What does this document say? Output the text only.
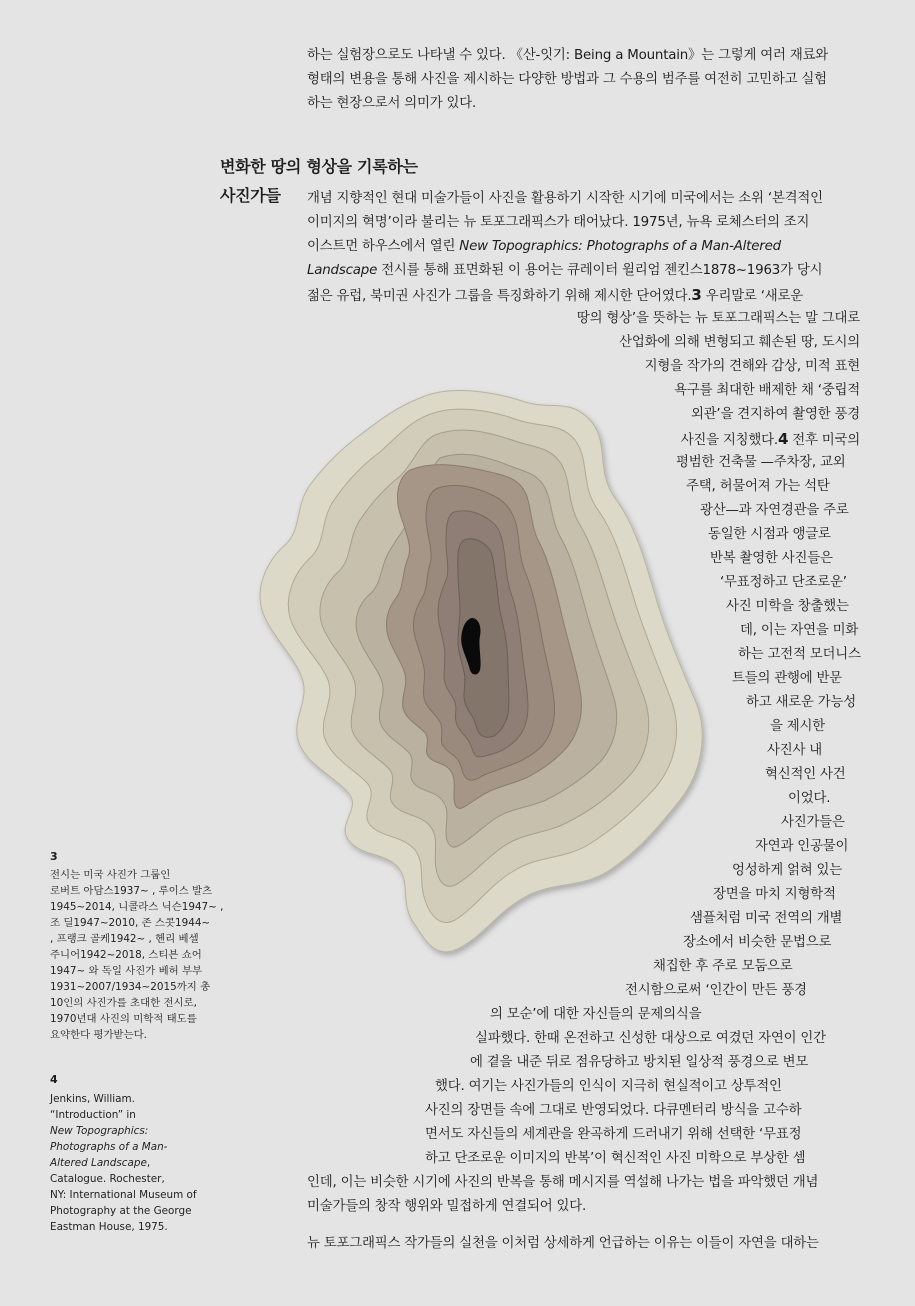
하는 실험장으로도 나타낼 수 있다. 《산-잇기: Being a Mountain》는 그렇게 여러 재료와
형태의 변용을 통해 사진을 제시하는 다양한 방법과 그 수용의 범주를 여전히 고민하고 실험
하는 현장으로서 의미가 있다.
변화한 땅의 형상을 기록하는
사진가들 개념 지향적인 현대 미술가들이 사진을 활용하기 시작한 시기에 미국에서는 소위 ‘본격적인
이미지의 혁명’이라 불리는 뉴 토포그래픽스가 태어났다. 1975년, 뉴욕 로체스터의 조지
이스트먼 하우스에서 열린 New Topographics: Photographs of a Man-Altered
Landscape 전시를 통해 표면화된 이 용어는 큐레이터 윌리엄 젠킨스1878~1963가 당시
젊은 유럽, 북미권 사진가 그룹을 특징화하기 위해 제시한 단어였다.3 우리말로 ‘새로운
땅의 형상’을 뜻하는 뉴 토포그래픽스는 말 그대로
산업화에 의해 변형되고 훼손된 땅, 도시의
지형을 작가의 견해와 감상, 미적 표현
욕구를 최대한 배제한 채 ‘중립적
외관’을 견지하여 촬영한 풍경
사진을 지칭했다.4 전후 미국의
평범한 건축물 —주차장, 교외
주택, 허물어져 가는 석탄
광산—과 자연경관을 주로
동일한 시점과 앵글로
반복 촬영한 사진들은
‘무표정하고 단조로운’
사진 미학을 창출했는
데, 이는 자연을 미화
하는 고전적 모더니스
트들의 관행에 반문
하고 새로운 가능성
을 제시한
사진사 내
혁신적인 사건
이었다.
사진가들은
자연과 인공물이
엉성하게 얽혀 있는
장면을 마치 지형학적
샘플처럼 미국 전역의 개별
장소에서 비슷한 문법으로
채집한 후 주로 모둠으로
전시함으로써 ‘인간이 만든 풍경
의 모순’에 대한 자신들의 문제의식을
실파했다. 한때 온전하고 신성한 대상으로 여겼던 자연이 인간
에 곁을 내준 뒤로 점유당하고 방치된 일상적 풍경으로 변모
했다. 여기는 사진가들의 인식이 지극히 현실적이고 상투적인
사진의 장면들 속에 그대로 반영되었다. 다큐멘터리 방식을 고수하
면서도 자신들의 세계관을 완곡하게 드러내기 위해 선택한 ‘무표정
하고 단조로운 이미지의 반복’이 혁신적인 사진 미학으로 부상한 셈
인데, 이는 비슷한 시기에 사진의 반복을 통해 메시지를 역설해 나가는 법을 파악했던 개념
미술가들의 창작 행위와 밀접하게 연결되어 있다.
뉴 토포그래픽스 작가들의 실천을 이처럼 상세하게 언급하는 이유는 이들이 자연을 대하는
3
전시는 미국 사진가 그룹인
로버트 아담스1937~ , 루이스 발츠
1945~2014, 니콜라스 닉슨1947~ ,
조 딜1947~2010, 존 스콧1944~
, 프랭크 골케1942~ , 헨리 베셀
주니어1942~2018, 스티븐 쇼어
1947~ 와 독일 사진가 베허 부부
1931~2007/1934~2015까지 총
10인의 사진가를 초대한 전시로,
1970년대 사진의 미학적 태도를
요약한다 평가받는다.
4
Jenkins, William.
“Introduction” in
New Topographics:
Photographs of a Man-
Altered Landscape,
Catalogue. Rochester,
NY: International Museum of
Photography at the George
Eastman House, 1975.
